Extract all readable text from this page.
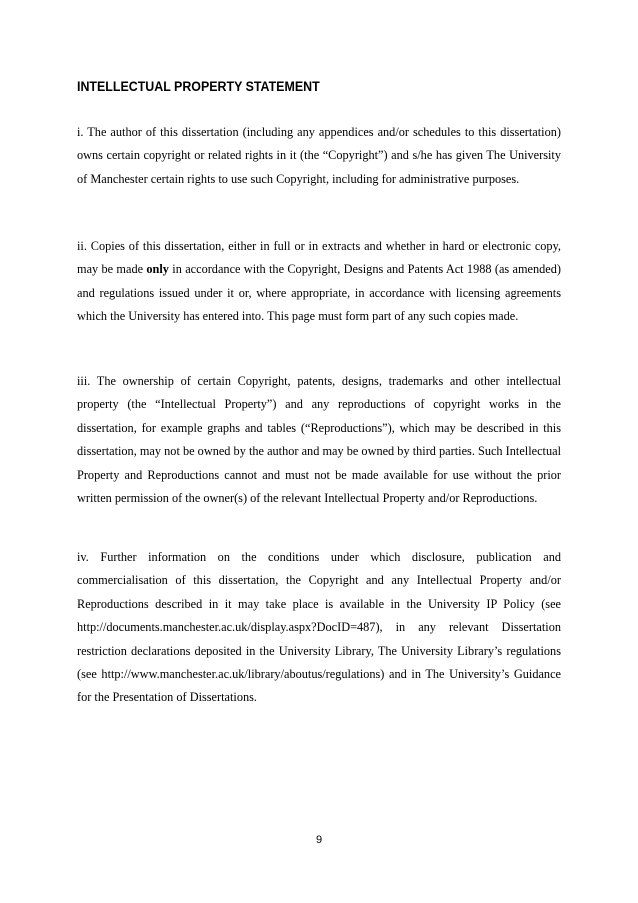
INTELLECTUAL PROPERTY STATEMENT

i. The author of this dissertation (including any appendices and/or schedules to this dissertation) owns certain copyright or related rights in it (the “Copyright”) and s/he has given The University of Manchester certain rights to use such Copyright, including for administrative purposes.

ii. Copies of this dissertation, either in full or in extracts and whether in hard or electronic copy, may be made only in accordance with the Copyright, Designs and Patents Act 1988 (as amended) and regulations issued under it or, where appropriate, in accordance with licensing agreements which the University has entered into. This page must form part of any such copies made.

iii. The ownership of certain Copyright, patents, designs, trademarks and other intellectual property (the “Intellectual Property”) and any reproductions of copyright works in the dissertation, for example graphs and tables (“Reproductions”), which may be described in this dissertation, may not be owned by the author and may be owned by third parties. Such Intellectual Property and Reproductions cannot and must not be made available for use without the prior written permission of the owner(s) of the relevant Intellectual Property and/or Reproductions.

iv. Further information on the conditions under which disclosure, publication and commercialisation of this dissertation, the Copyright and any Intellectual Property and/or Reproductions described in it may take place is available in the University IP Policy (see http://documents.manchester.ac.uk/display.aspx?DocID=487), in any relevant Dissertation restriction declarations deposited in the University Library, The University Library’s regulations (see http://www.manchester.ac.uk/library/aboutus/regulations) and in The University’s Guidance for the Presentation of Dissertations.

9
